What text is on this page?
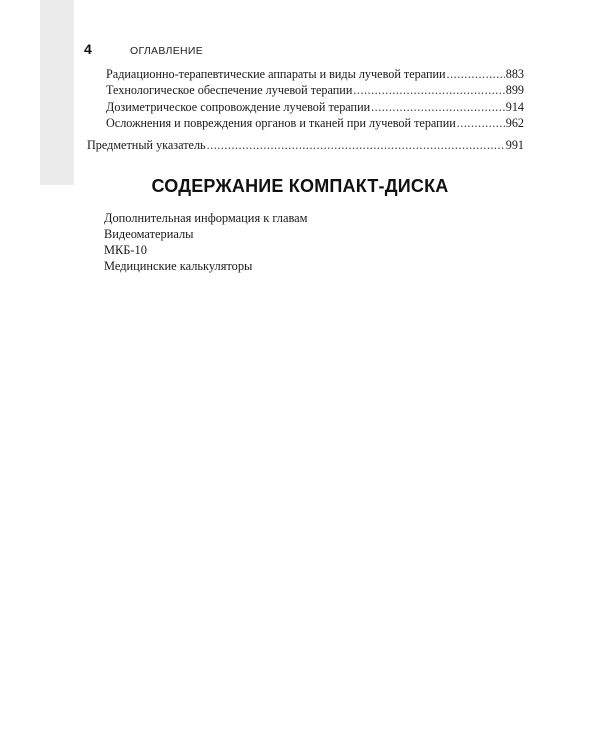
4	ОГЛАВЛЕНИЕ
Радиационно-терапевтические аппараты и виды лучевой терапии .....	883
Технологическое обеспечение лучевой терапии .....	899
Дозиметрическое сопровождение лучевой терапии .....	914
Осложнения и повреждения органов и тканей при лучевой терапии .....	962
Предметный указатель .....	991
СОДЕРЖАНИЕ КОМПАКТ-ДИСКА
Дополнительная информация к главам
Видеоматериалы
МКБ-10
Медицинские калькуляторы
